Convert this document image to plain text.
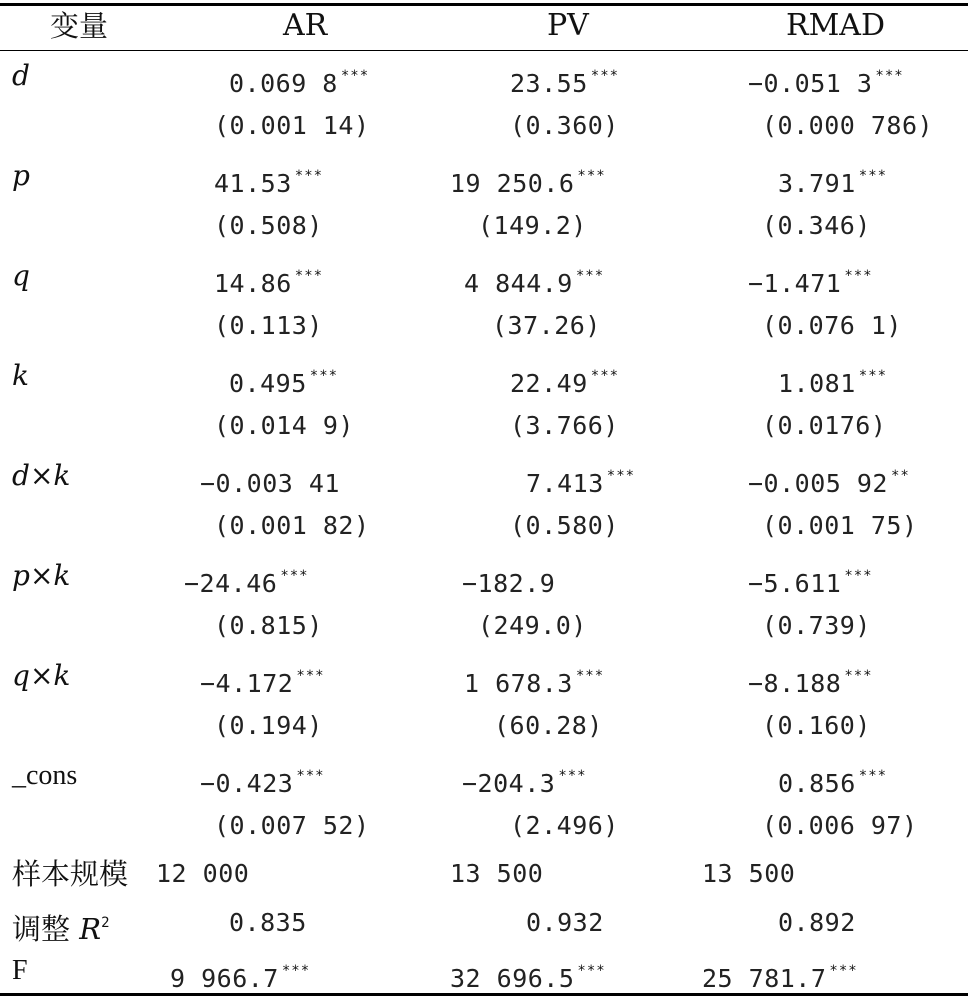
变量	AR	PV	RMAD
d	0.069 8 ***	23.55 ***	−0.051 3 ***
(0.001 14)	(0.360)	(0.000 786)
p	41.53 ***	19 250.6 ***	3.791 ***
(0.508)	(149.2)	(0.346)
q	14.86 ***	4 844.9 ***	−1.471 ***
(0.113)	(37.26)	(0.076 1)
k	0.495 ***	22.49 ***	1.081 ***
(0.014 9)	(3.766)	(0.0176)
d×k	−0.003 41	7.413 ***	−0.005 92 **
(0.001 82)	(0.580)	(0.001 75)
p×k	−24.46 ***	−182.9	−5.611 ***
(0.815)	(249.0)	(0.739)
q×k	−4.172 ***	1 678.3 ***	−8.188 ***
(0.194)	(60.28)	(0.160)
_cons	−0.423 ***	−204.3 ***	0.856 ***
(0.007 52)	(2.496)	(0.006 97)
样本规模 12 000	13 500	13 500
调整 $R^2$	0.835	0.932	0.892
F	9 966.7 ***	32 696.5 ***	25 781.7 ***
